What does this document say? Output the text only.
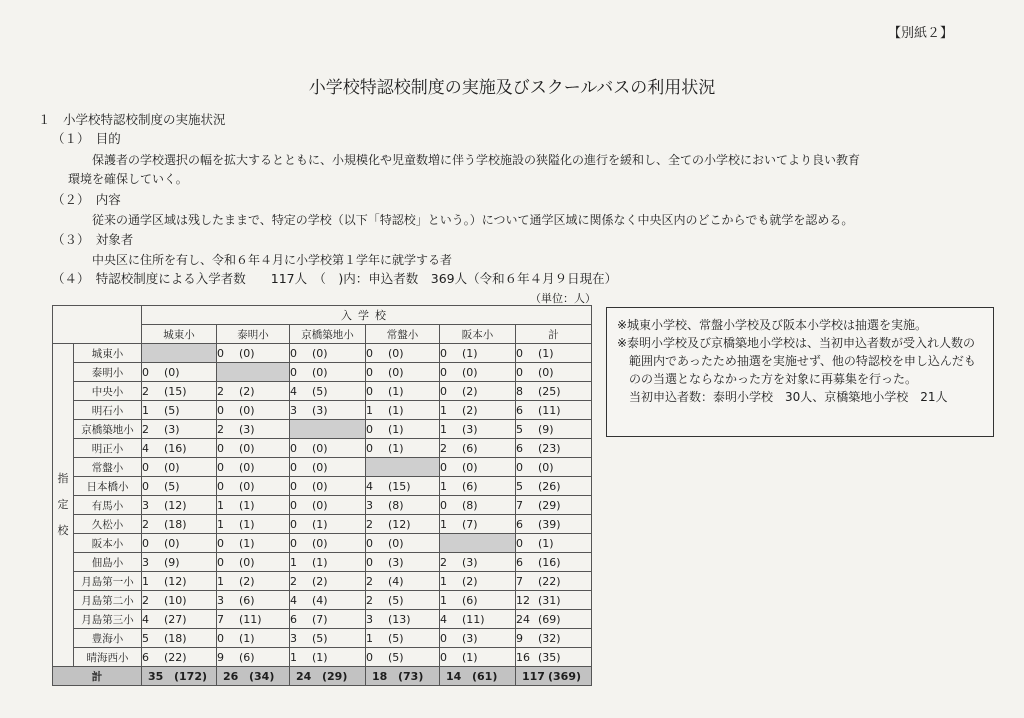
【別紙２】
小学校特認校制度の実施及びスクールバスの利用状況
１　小学校特認校制度の実施状況
（１）　目的
保護者の学校選択の幅を拡大するとともに、小規模化や児童数増に伴う学校施設の狭隘化の進行を緩和し、全ての小学校においてより良い教育
環境を確保していく。
（２）　内容
従来の通学区域は残したままで、特定の学校（以下「特認校」という。）について通学区域に関係なく中央区内のどこからでも就学を認める。
（３）　対象者
中央区に住所を有し、令和６年４月に小学校第１学年に就学する者
（４）　特認校制度による入学者数　　117人　（　)内：申込者数　369人（令和６年４月９日現在）
（単位：人）
		入学校					
		城東小	泰明小	京橋築地小	常盤小	阪本小	計

指
定
校	城東小		0 (0)	0 (0)	0 (0)	0 (1)	0 (1)
	泰明小	0 (0)		0 (0)	0 (0)	0 (0)	0 (0)
	中央小	2 (15)	2 (2)	4 (5)	0 (1)	0 (2)	8 (25)
	明石小	1 (5)	0 (0)	3 (3)	1 (1)	1 (2)	6 (11)
	京橋築地小	2 (3)	2 (3)		0 (1)	1 (3)	5 (9)
	明正小	4 (16)	0 (0)	0 (0)	0 (1)	2 (6)	6 (23)
	常盤小	0 (0)	0 (0)	0 (0)		0 (0)	0 (0)
	日本橋小	0 (5)	0 (0)	0 (0)	4 (15)	1 (6)	5 (26)
	有馬小	3 (12)	1 (1)	0 (0)	3 (8)	0 (8)	7 (29)
	久松小	2 (18)	1 (1)	0 (1)	2 (12)	1 (7)	6 (39)
	阪本小	0 (0)	0 (1)	0 (0)	0 (0)		0 (1)
	佃島小	3 (9)	0 (0)	1 (1)	0 (3)	2 (3)	6 (16)
	月島第一小	1 (12)	1 (2)	2 (2)	2 (4)	1 (2)	7 (22)
	月島第二小	2 (10)	3 (6)	4 (4)	2 (5)	1 (6)	12 (31)
	月島第三小	4 (27)	7 (11)	6 (7)	3 (13)	4 (11)	24 (69)
	豊海小	5 (18)	0 (1)	3 (5)	1 (5)	0 (3)	9 (32)
	晴海西小	6 (22)	9 (6)	1 (1)	0 (5)	0 (1)	16 (35)
計		35 (172)	26 (34)	24 (29)	18 (73)	14 (61)	117 (369)

※城東小学校、常盤小学校及び阪本小学校は抽選を実施。

※泰明小学校及び京橋築地小学校は、当初申込者数が受入れ人数の範囲内であったため抽選を実施せず、他の特認校を申し込んだものの当選とならなかった方を対象に再募集を行った。

当初申込者数：泰明小学校　30人、京橋築地小学校　21人
